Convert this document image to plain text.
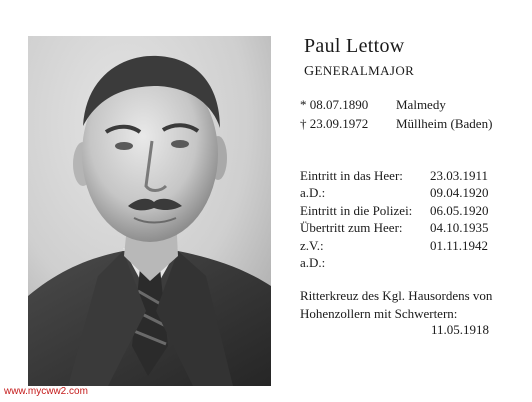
Paul Lettow
GENERALMAJOR
* 08.07.1890 Malmedy
† 23.09.1972 Müllheim (Baden)
Eintritt in das Heer: 23.03.1911
a.D.:	09.04.1920
Eintritt in die Polizei: 06.05.1920
Übertritt zum Heer: 04.10.1935
z.V.:	01.11.1942
a.D.:
Ritterkreuz des Kgl. Hausordens von
Hohenzollern mit Schwertern:
11.05.1918
www.mycww2.com
